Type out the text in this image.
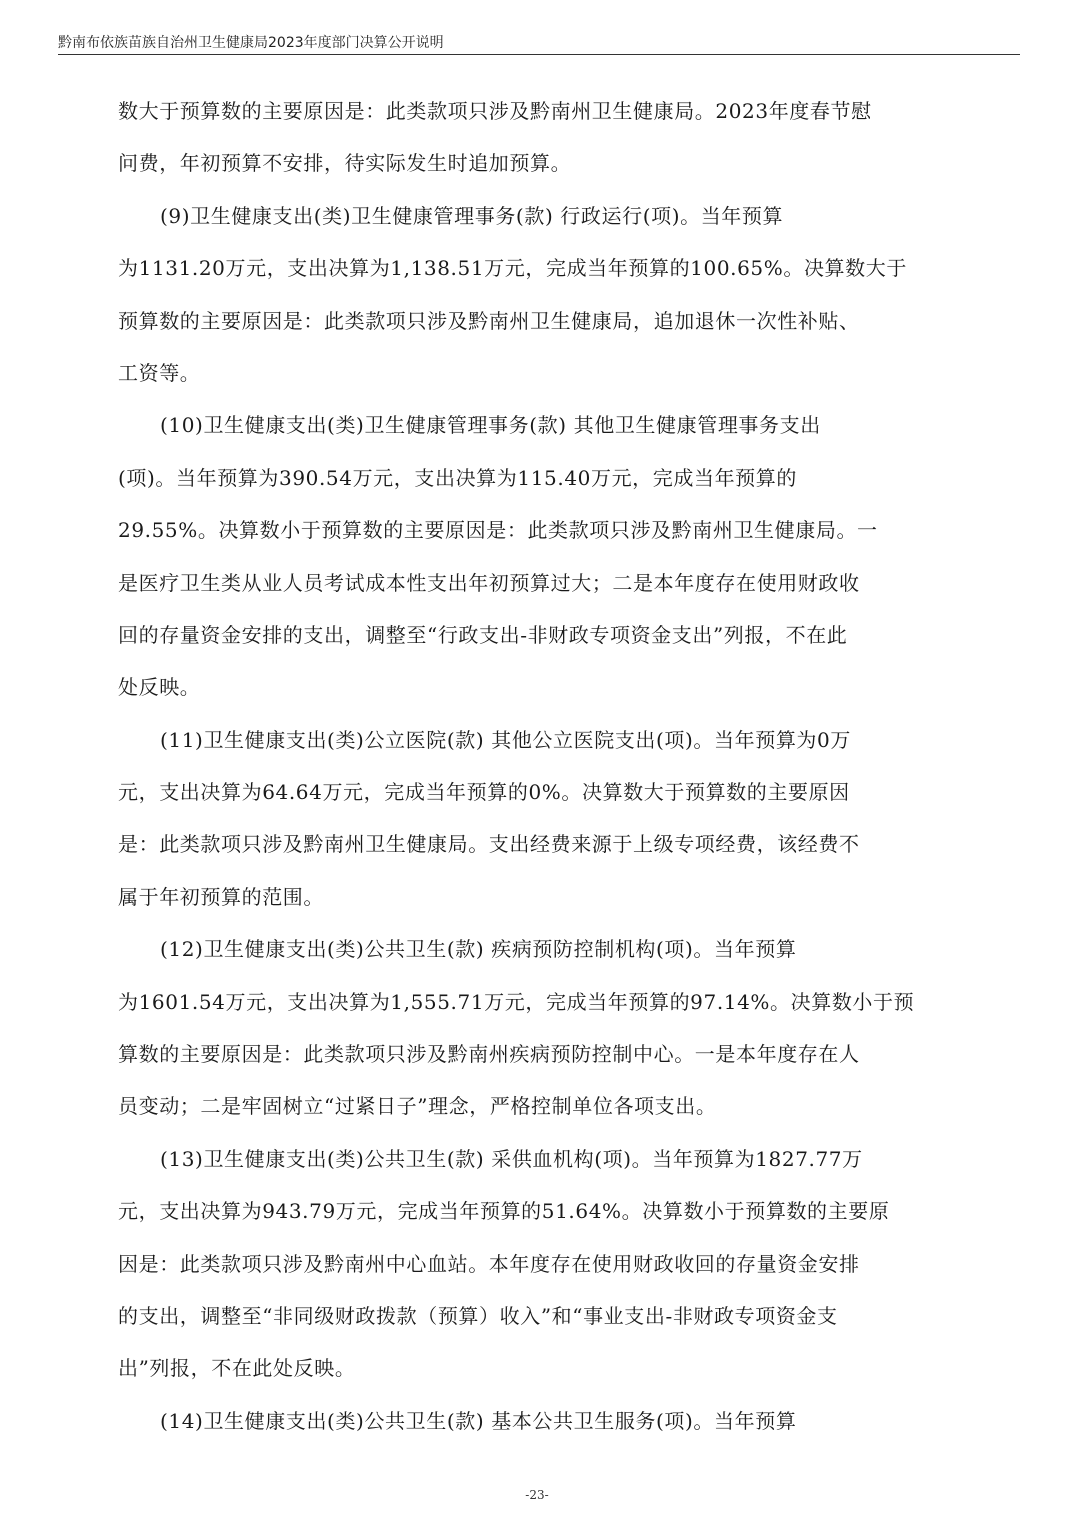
黔南布依族苗族自治州卫生健康局2023年度部门决算公开说明
数大于预算数的主要原因是：此类款项只涉及黔南州卫生健康局。2023年度春节慰
问费，年初预算不安排，待实际发生时追加预算。
(9)卫生健康支出(类)卫生健康管理事务(款) 行政运行(项)。当年预算
为1131.20万元，支出决算为1,138.51万元，完成当年预算的100.65%。决算数大于
预算数的主要原因是：此类款项只涉及黔南州卫生健康局，追加退休一次性补贴、
工资等。
(10)卫生健康支出(类)卫生健康管理事务(款) 其他卫生健康管理事务支出
(项)。当年预算为390.54万元，支出决算为115.40万元，完成当年预算的
29.55%。决算数小于预算数的主要原因是：此类款项只涉及黔南州卫生健康局。一
是医疗卫生类从业人员考试成本性支出年初预算过大；二是本年度存在使用财政收
回的存量资金安排的支出，调整至“行政支出-非财政专项资金支出”列报，不在此
处反映。
(11)卫生健康支出(类)公立医院(款) 其他公立医院支出(项)。当年预算为0万
元，支出决算为64.64万元，完成当年预算的0%。决算数大于预算数的主要原因
是：此类款项只涉及黔南州卫生健康局。支出经费来源于上级专项经费，该经费不
属于年初预算的范围。
(12)卫生健康支出(类)公共卫生(款) 疾病预防控制机构(项)。当年预算
为1601.54万元，支出决算为1,555.71万元，完成当年预算的97.14%。决算数小于预
算数的主要原因是：此类款项只涉及黔南州疾病预防控制中心。一是本年度存在人
员变动；二是牢固树立“过紧日子”理念，严格控制单位各项支出。
(13)卫生健康支出(类)公共卫生(款) 采供血机构(项)。当年预算为1827.77万
元，支出决算为943.79万元，完成当年预算的51.64%。决算数小于预算数的主要原
因是：此类款项只涉及黔南州中心血站。本年度存在使用财政收回的存量资金安排
的支出，调整至“非同级财政拨款（预算）收入”和“事业支出-非财政专项资金支
出”列报，不在此处反映。
(14)卫生健康支出(类)公共卫生(款) 基本公共卫生服务(项)。当年预算
-23-
